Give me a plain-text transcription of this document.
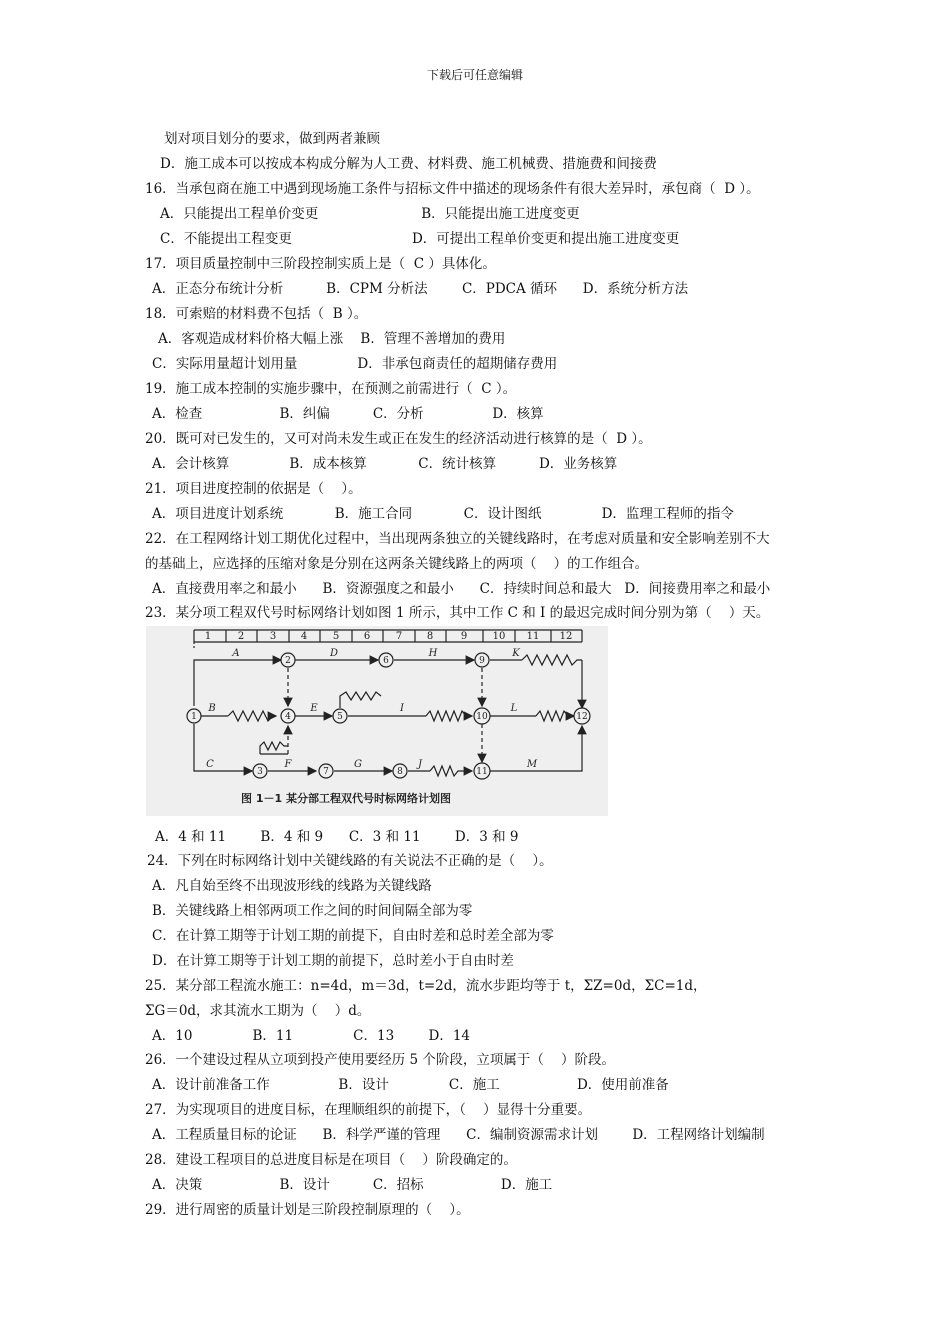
下载后可任意编辑
划对项目划分的要求，做到两者兼顾
D．施工成本可以按成本构成分解为人工费、材料费、施工机械费、措施费和间接费
16．当承包商在施工中遇到现场施工条件与招标文件中描述的现场条件有很大差异时，承包商（  D ）。
A．只能提出工程单价变更                        B．只能提出施工进度变更
C．不能提出工程变更                            D．可提出工程单价变更和提出施工进度变更
17．项目质量控制中三阶段控制实质上是（  C ）具体化。
A．正态分布统计分析          B．CPM 分析法        C．PDCA 循环      D．系统分析方法
18．可索赔的材料费不包括（  B ）。
A．客观造成材料价格大幅上涨    B．管理不善增加的费用
C．实际用量超计划用量              D．非承包商责任的超期储存费用
19．施工成本控制的实施步骤中，在预测之前需进行（  C ）。
A．检查                  B．纠偏          C．分析                D．核算
20．既可对已发生的，又可对尚未发生或正在发生的经济活动进行核算的是（  D ）。
A．会计核算              B．成本核算            C．统计核算          D．业务核算
21．项目进度控制的依据是（    ）。
A．项目进度计划系统            B．施工合同            C．设计图纸              D．监理工程师的指令
22．在工程网络计划工期优化过程中，当出现两条独立的关键线路时，在考虑对质量和安全影响差别不大
的基础上，应选择的压缩对象是分别在这两条关键线路上的两项（    ）的工作组合。
A．直接费用率之和最小      B．资源强度之和最小      C．持续时间总和最大   D．间接费用率之和最小
23．某分项工程双代号时标网络计划如图 1 所示，其中工作 C 和 I 的最迟完成时间分别为第（    ）天。
1	2	3 4	5 6	7 8	9	10 11 12
1
2
3
4	5
6
7	8
9
10
11
12
A
B
C
D
E
F	G
H
I
J
K
L
M
图 1－1 某分部工程双代号时标网络计划图
A．4 和 11        B．4 和 9      C．3 和 11        D．3 和 9
24．下列在时标网络计划中关键线路的有关说法不正确的是（    ）。
A．凡自始至终不出现波形线的线路为关键线路
B．关键线路上相邻两项工作之间的时间间隔全部为零
C．在计算工期等于计划工期的前提下，自由时差和总时差全部为零
D．在计算工期等于计划工期的前提下，总时差小于自由时差
25．某分部工程流水施工：n=4d，m＝3d，t=2d，流水步距均等于 t，ΣZ=0d，ΣC=1d，
ΣG＝0d，求其流水工期为（    ）d。
A．10              B．11              C．13        D．14
26．一个建设过程从立项到投产使用要经历 5 个阶段，立项属于（    ）阶段。
A．设计前准备工作                B．设计              C．施工                  D．使用前准备
27．为实现项目的进度目标，在理顺组织的前提下，（    ）显得十分重要。
A．工程质量目标的论证      B．科学严谨的管理      C．编制资源需求计划        D．工程网络计划编制
28．建设工程项目的总进度目标是在项目（    ）阶段确定的。
A．决策                  B．设计          C．招标                  D．施工
29．进行周密的质量计划是三阶段控制原理的（    ）。
